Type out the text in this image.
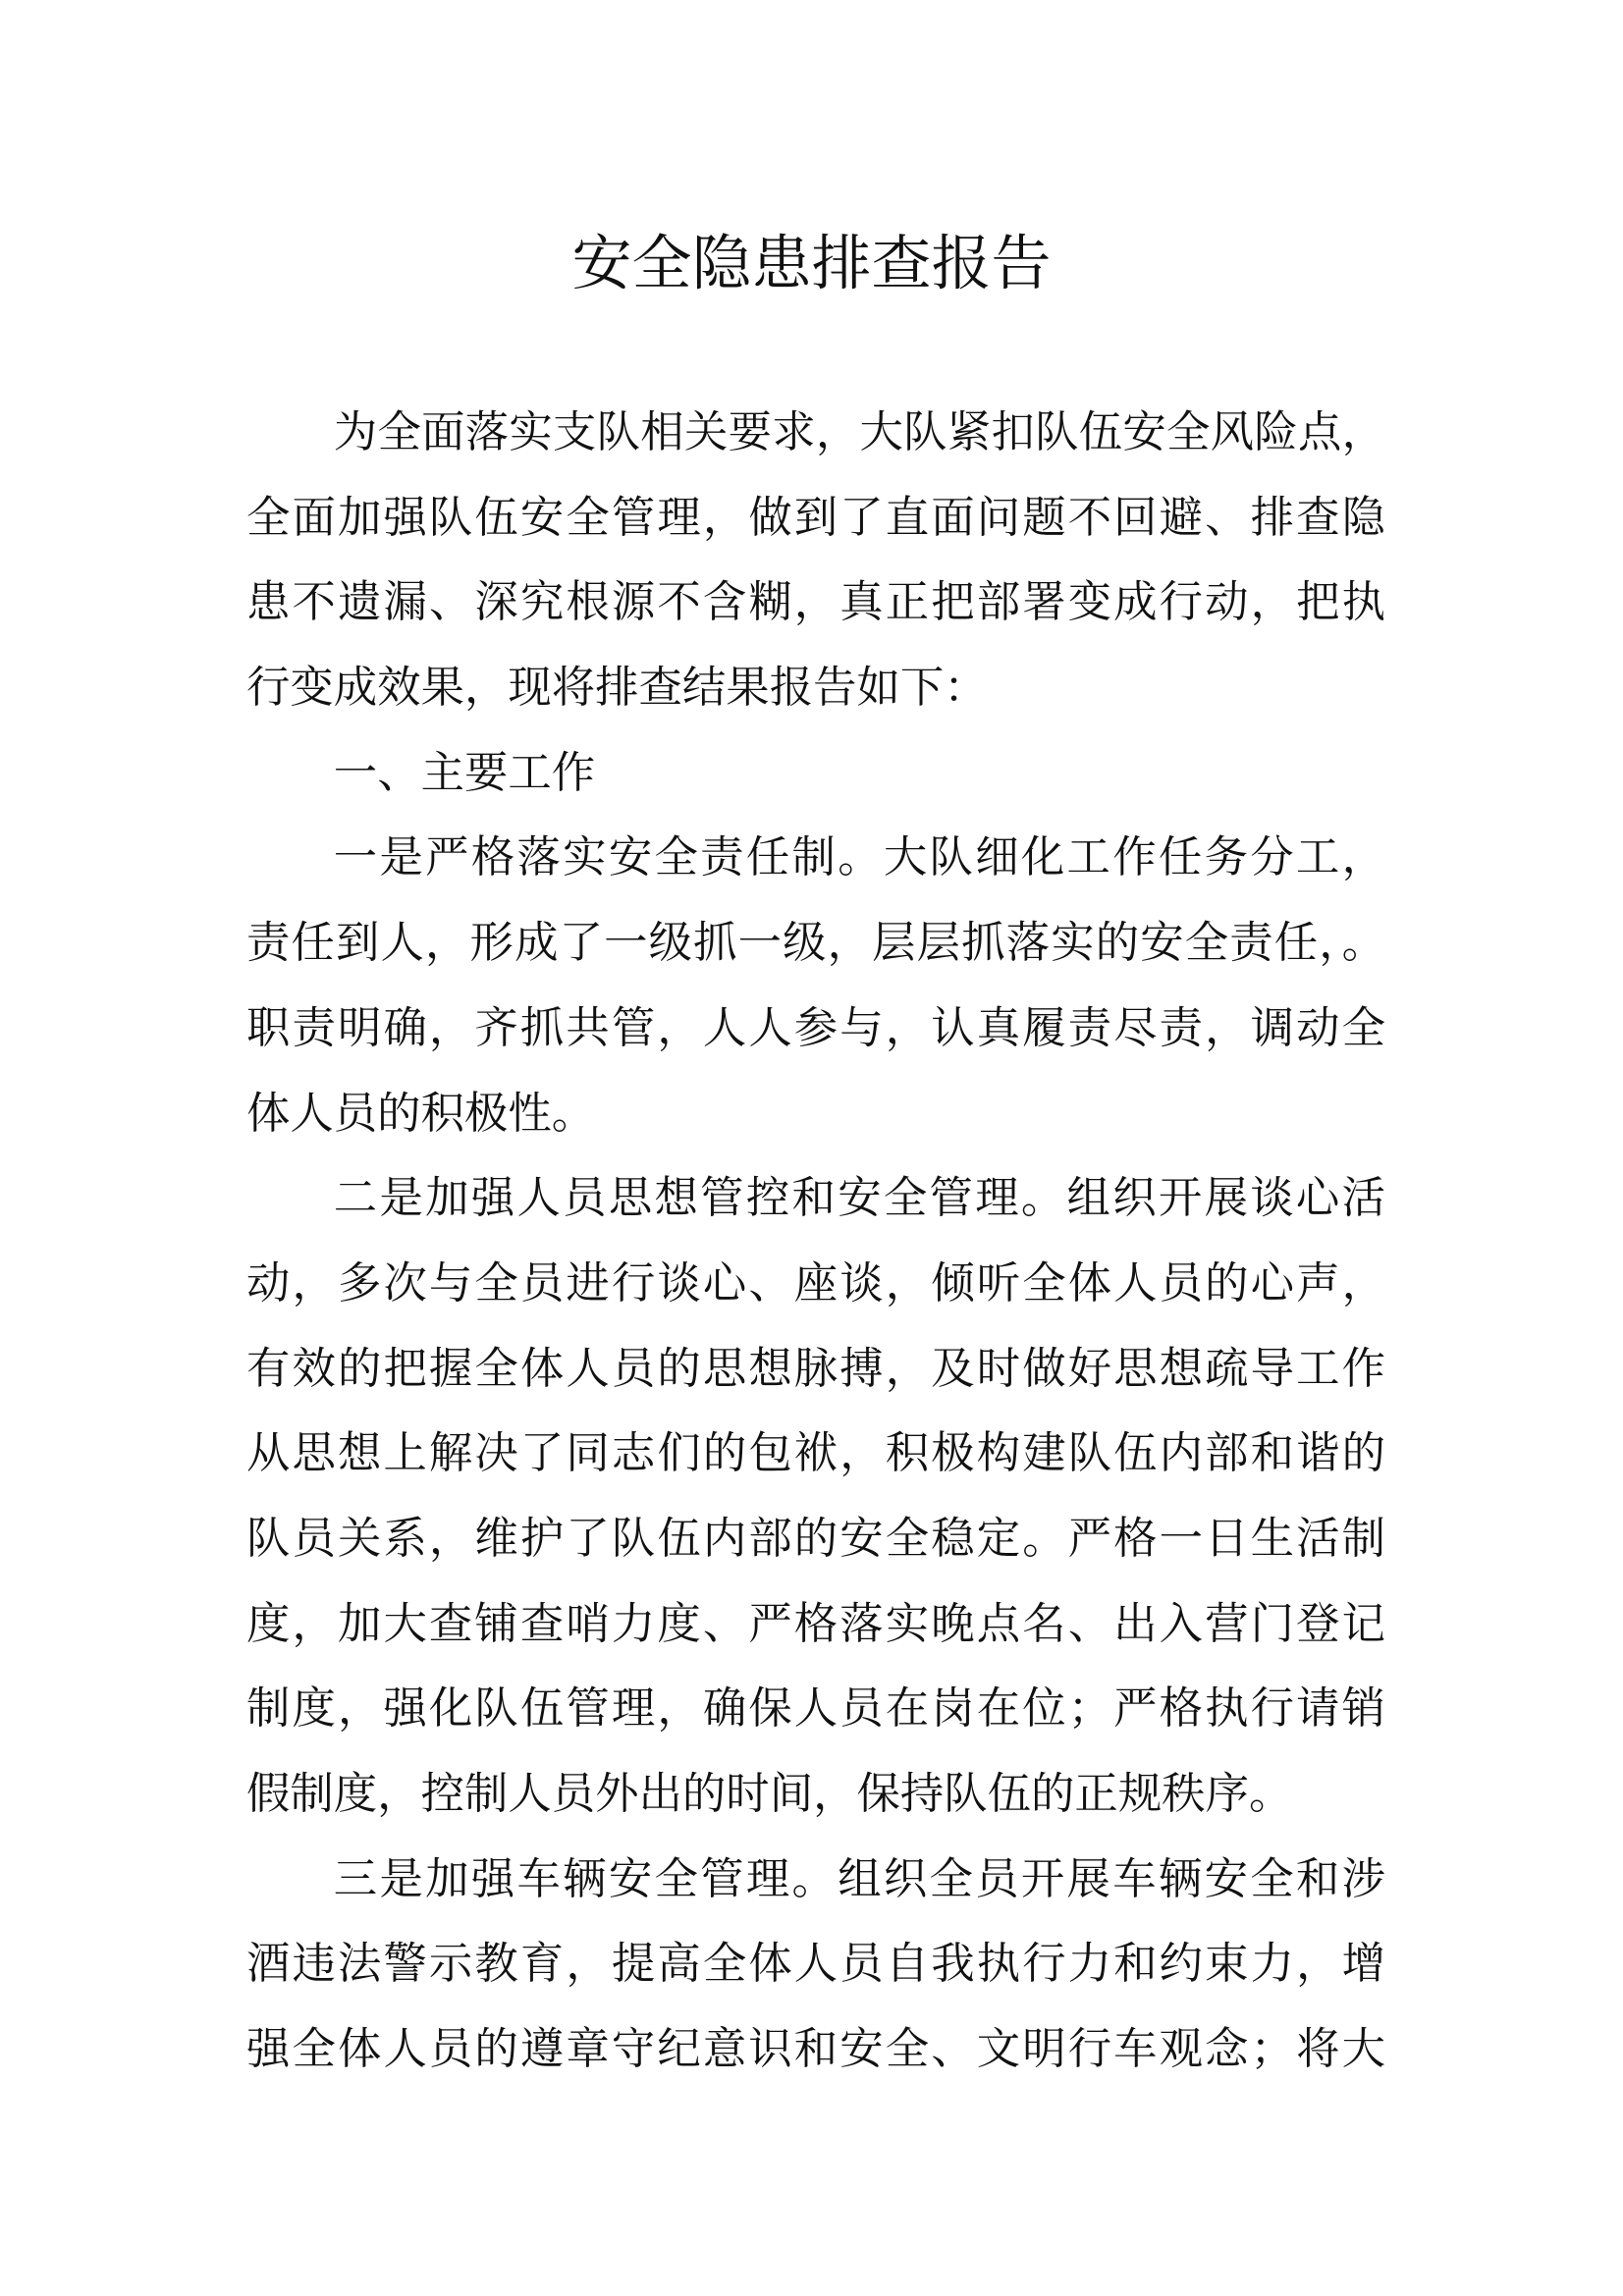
安全隐患排查报告
为全面落实支队相关要求，大队紧扣队伍安全风险点，
全面加强队伍安全管理，做到了直面问题不回避、排查隐
患不遗漏、深究根源不含糊，真正把部署变成行动，把执
行变成效果，现将排查结果报告如下：
一、主要工作
一是严格落实安全责任制。大队细化工作任务分工，
责任到人，形成了一级抓一级，层层抓落实的安全责任，。
职责明确，齐抓共管，人人参与，认真履责尽责，调动全
体人员的积极性。
二是加强人员思想管控和安全管理。组织开展谈心活
动，多次与全员进行谈心、座谈，倾听全体人员的心声，
有效的把握全体人员的思想脉搏，及时做好思想疏导工作
从思想上解决了同志们的包袱，积极构建队伍内部和谐的
队员关系，维护了队伍内部的安全稳定。严格一日生活制
度，加大查铺查哨力度、严格落实晚点名、出入营门登记
制度，强化队伍管理，确保人员在岗在位；严格执行请销
假制度，控制人员外出的时间，保持队伍的正规秩序。
三是加强车辆安全管理。组织全员开展车辆安全和涉
酒违法警示教育，提高全体人员自我执行力和约束力，增
强全体人员的遵章守纪意识和安全、文明行车观念；将大
